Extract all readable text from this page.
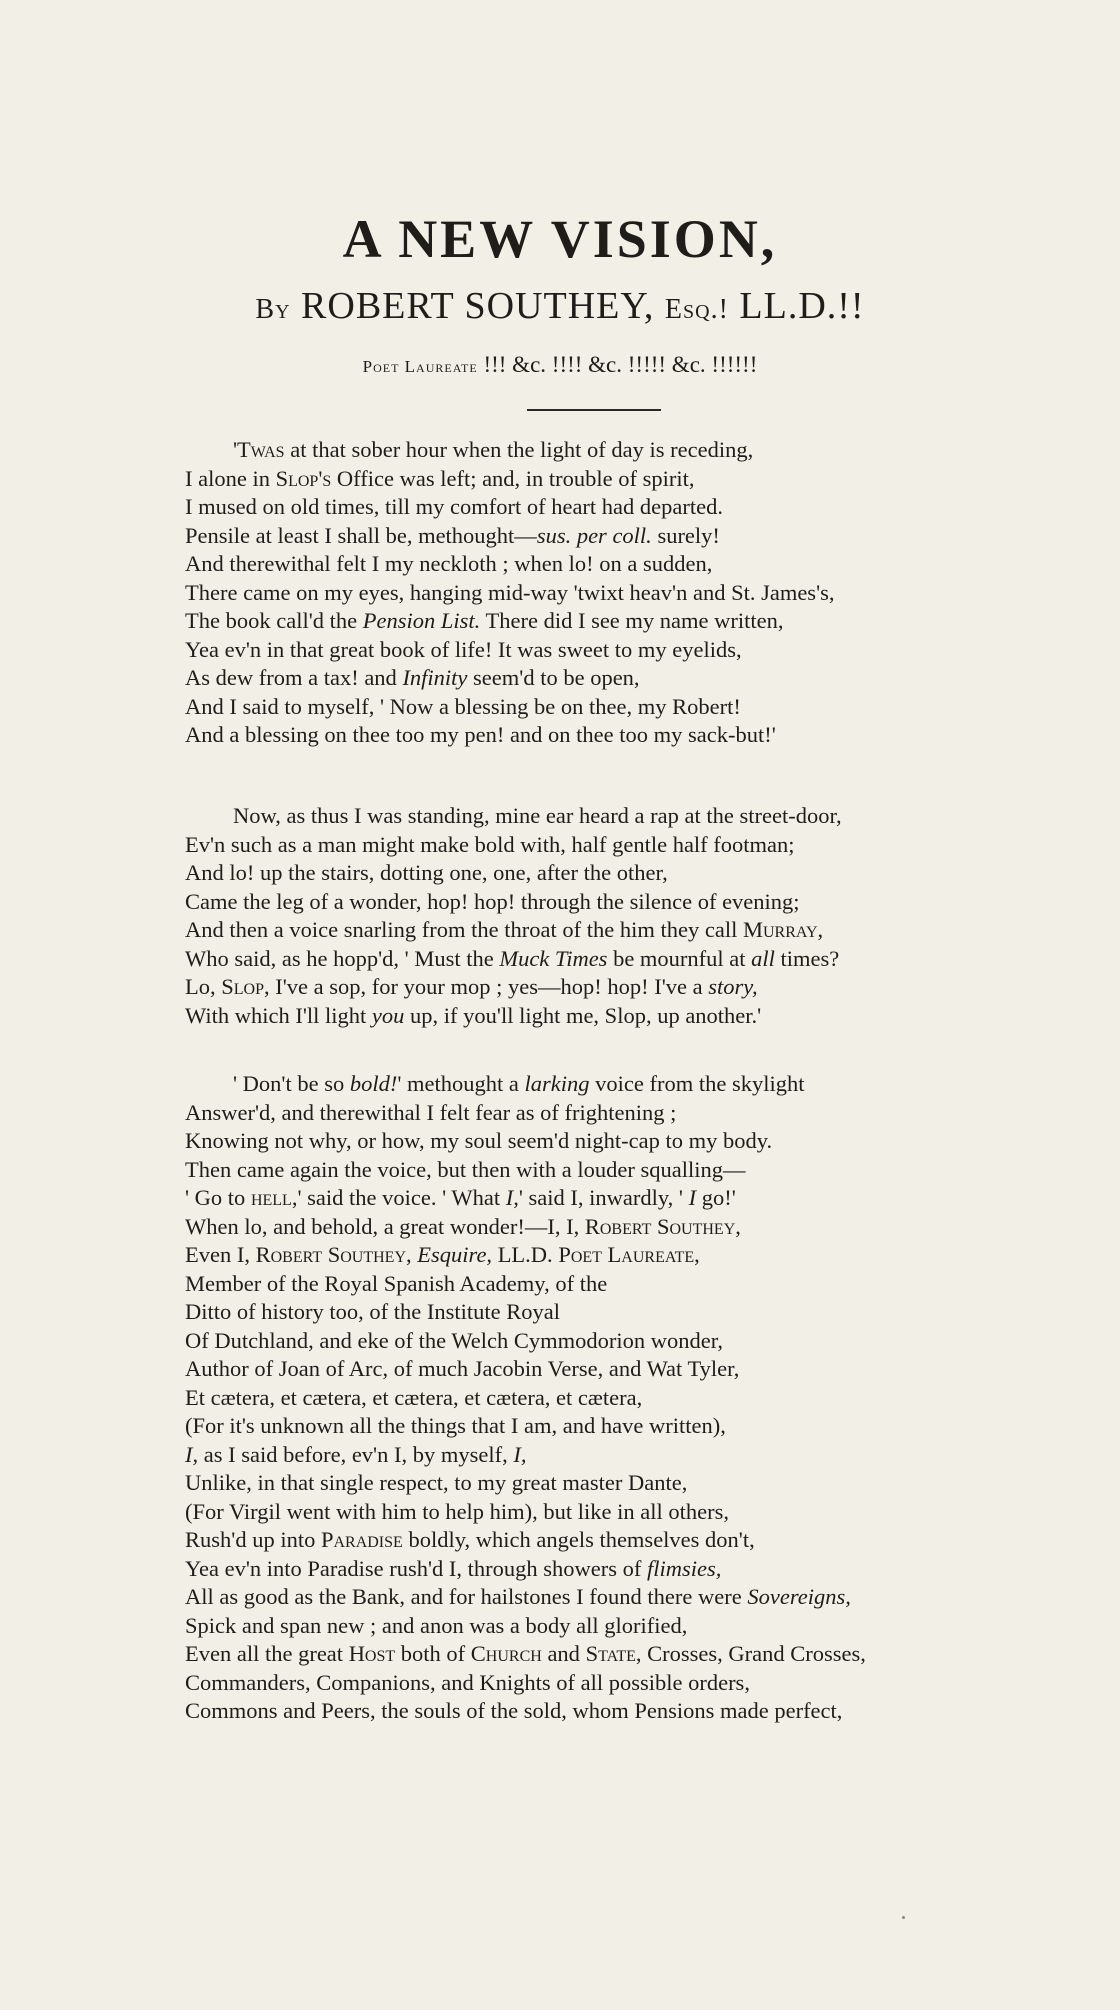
A NEW VISION,
By ROBERT SOUTHEY, Esq.! LL.D.!!
Poet Laureate !!! &c. !!!! &c. !!!!! &c. !!!!!!
'Twas at that sober hour when the light of day is receding,
I alone in Slop's Office was left; and, in trouble of spirit,
I mused on old times, till my comfort of heart had departed.
Pensile at least I shall be, methought—sus. per coll. surely!
And therewithal felt I my neckloth ; when lo! on a sudden,
There came on my eyes, hanging mid-way 'twixt heav'n and St. James's,
The book call'd the Pension List. There did I see my name written,
Yea ev'n in that great book of life! It was sweet to my eyelids,
As dew from a tax! and Infinity seem'd to be open,
And I said to myself, ' Now a blessing be on thee, my Robert!
And a blessing on thee too my pen! and on thee too my sack-but!'
Now, as thus I was standing, mine ear heard a rap at the street-door,
Ev'n such as a man might make bold with, half gentle half footman;
And lo! up the stairs, dotting one, one, after the other,
Came the leg of a wonder, hop! hop! through the silence of evening;
And then a voice snarling from the throat of the him they call Murray,
Who said, as he hopp'd, ' Must the Muck Times be mournful at all times?
Lo, Slop, I've a sop, for your mop ; yes—hop! hop! I've a story,
With which I'll light you up, if you'll light me, Slop, up another.'
' Don't be so bold!' methought a larking voice from the skylight
Answer'd, and therewithal I felt fear as of frightening ;
Knowing not why, or how, my soul seem'd night-cap to my body.
Then came again the voice, but then with a louder squalling—
' Go to hell,' said the voice. ' What I,' said I, inwardly, ' I go!'
When lo, and behold, a great wonder!—I, I, Robert Southey,
Even I, Robert Southey, Esquire, LL.D. Poet Laureate,
Member of the Royal Spanish Academy, of the
Ditto of history too, of the Institute Royal
Of Dutchland, and eke of the Welch Cymmodorion wonder,
Author of Joan of Arc, of much Jacobin Verse, and Wat Tyler,
Et cætera, et cætera, et cætera, et cætera, et cætera,
(For it's unknown all the things that I am, and have written),
I, as I said before, ev'n I, by myself, I,
Unlike, in that single respect, to my great master Dante,
(For Virgil went with him to help him), but like in all others,
Rush'd up into Paradise boldly, which angels themselves don't,
Yea ev'n into Paradise rush'd I, through showers of flimsies,
All as good as the Bank, and for hailstones I found there were Sovereigns,
Spick and span new ; and anon was a body all glorified,
Even all the great Host both of Church and State, Crosses, Grand Crosses,
Commanders, Companions, and Knights of all possible orders,
Commons and Peers, the souls of the sold, whom Pensions made perfect,
